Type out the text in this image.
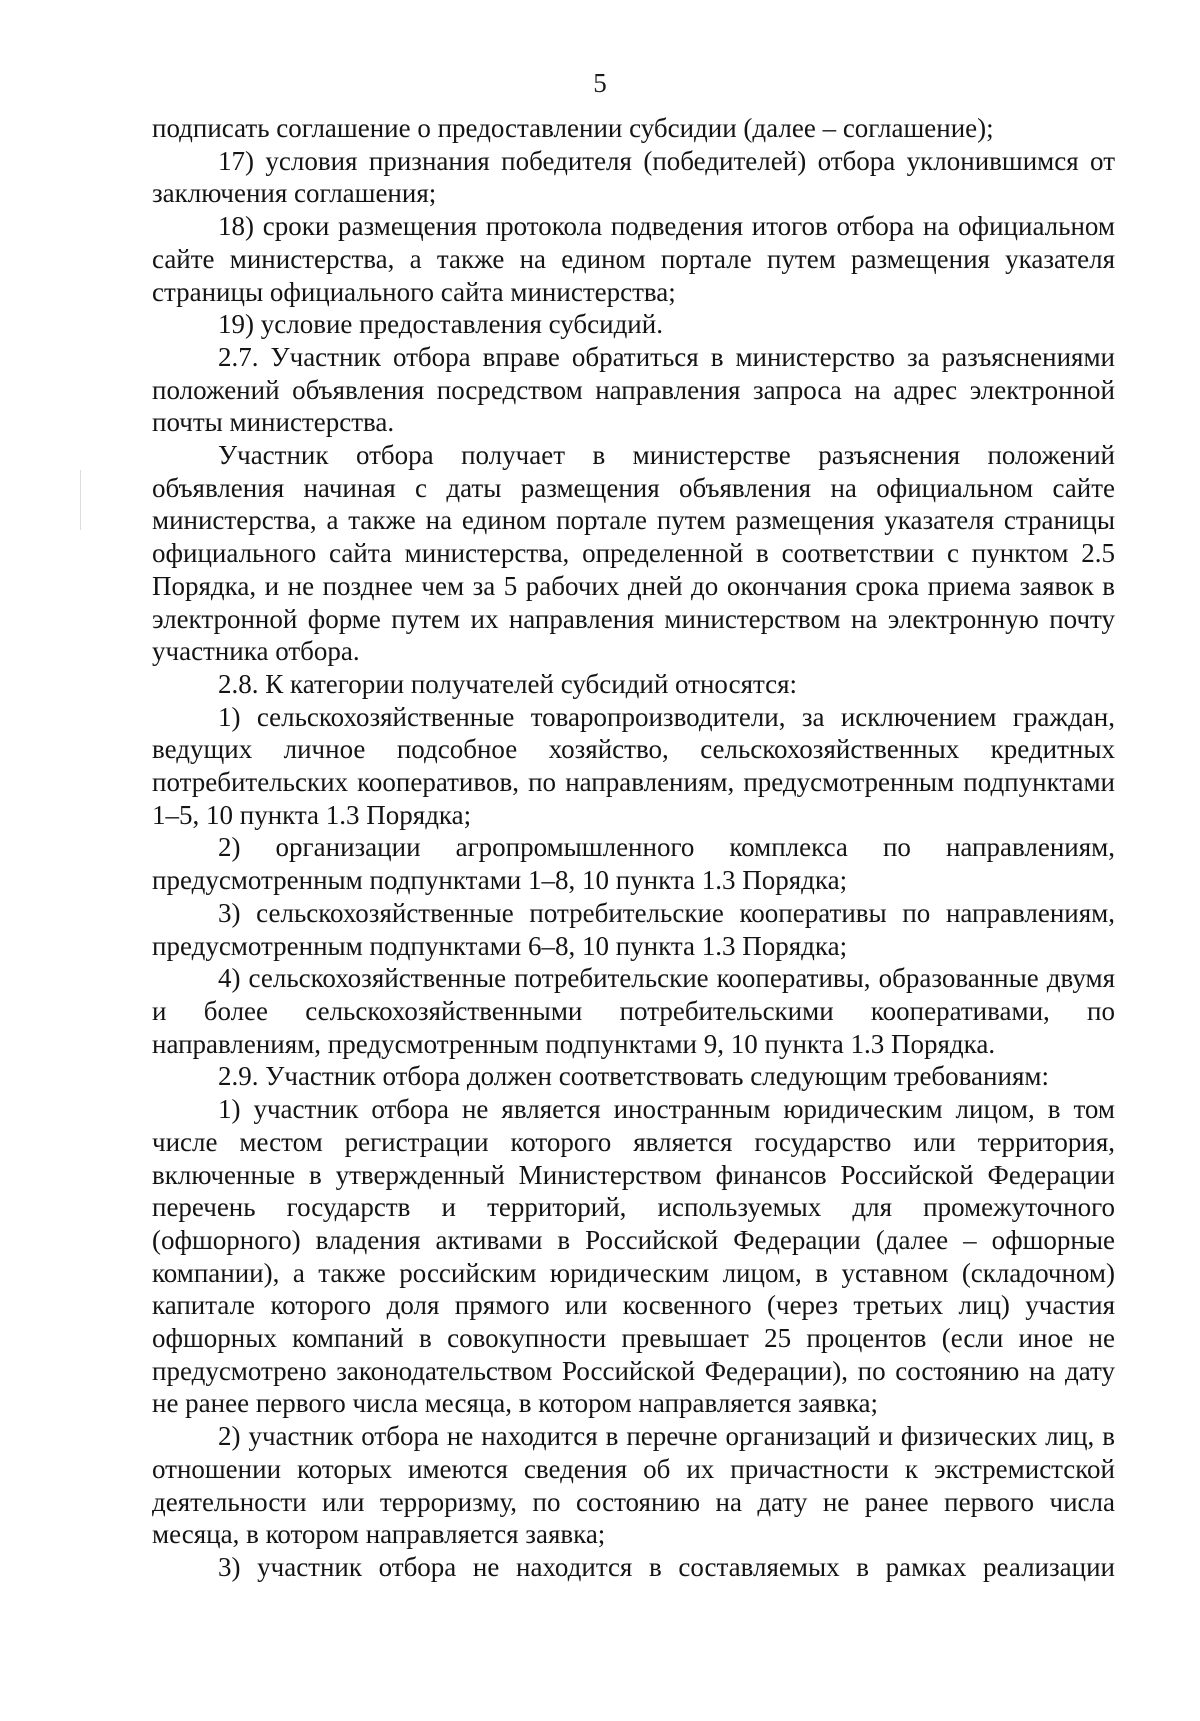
5

подписать соглашение о предоставлении субсидии (далее – соглашение);

17) условия признания победителя (победителей) отбора уклонившимся от заключения соглашения;

18) сроки размещения протокола подведения итогов отбора на официальном сайте министерства, а также на едином портале путем размещения указателя страницы официального сайта министерства;

19) условие предоставления субсидий.

2.7. Участник отбора вправе обратиться в министерство за разъяснениями положений объявления посредством направления запроса на адрес электронной почты министерства.

Участник отбора получает в министерстве разъяснения положений объявления начиная с даты размещения объявления на официальном сайте министерства, а также на едином портале путем размещения указателя страницы официального сайта министерства, определенной в соответствии с пунктом 2.5 Порядка, и не позднее чем за 5 рабочих дней до окончания срока приема заявок в электронной форме путем их направления министерством на электронную почту участника отбора.

2.8. К категории получателей субсидий относятся:

1) сельскохозяйственные товаропроизводители, за исключением граждан, ведущих личное подсобное хозяйство, сельскохозяйственных кредитных потребительских кооперативов, по направлениям, предусмотренным подпунктами 1–5, 10 пункта 1.3 Порядка;

2) организации агропромышленного комплекса по направлениям, предусмотренным подпунктами 1–8, 10 пункта 1.3 Порядка;

3) сельскохозяйственные потребительские кооперативы по направлениям, предусмотренным подпунктами 6–8, 10 пункта 1.3 Порядка;

4) сельскохозяйственные потребительские кооперативы, образованные двумя и более сельскохозяйственными потребительскими кооперативами, по направлениям, предусмотренным подпунктами 9, 10 пункта 1.3 Порядка.

2.9. Участник отбора должен соответствовать следующим требованиям:

1) участник отбора не является иностранным юридическим лицом, в том числе местом регистрации которого является государство или территория, включенные в утвержденный Министерством финансов Российской Федерации перечень государств и территорий, используемых для промежуточного (офшорного) владения активами в Российской Федерации (далее – офшорные компании), а также российским юридическим лицом, в уставном (складочном) капитале которого доля прямого или косвенного (через третьих лиц) участия офшорных компаний в совокупности превышает 25 процентов (если иное не предусмотрено законодательством Российской Федерации), по состоянию на дату не ранее первого числа месяца, в котором направляется заявка;

2) участник отбора не находится в перечне организаций и физических лиц, в отношении которых имеются сведения об их причастности к экстремистской деятельности или терроризму, по состоянию на дату не ранее первого числа месяца, в котором направляется заявка;

3) участник отбора не находится в составляемых в рамках реализации
